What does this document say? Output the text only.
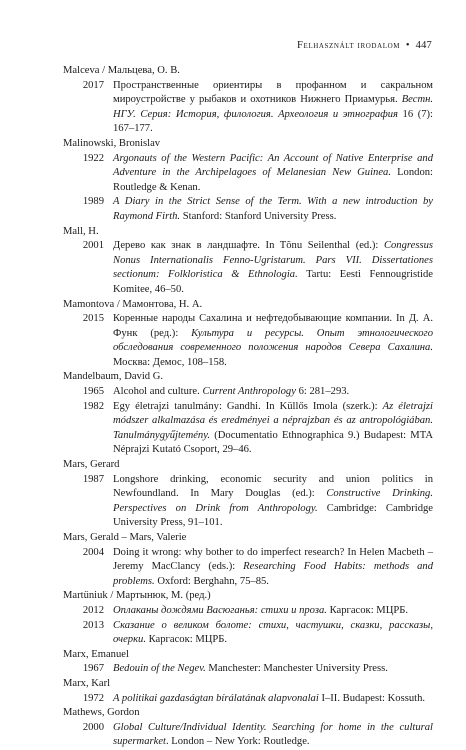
Felhasznált irodalom • 447
Malceva / Мальцева, О. В.
2017 Пространственные ориентиры в профанном и сакральном мироустройстве у рыбаков и охотников Нижнего Приамурья. Вестн. НГУ. Серия: История, филология. Археология и этнография 16 (7): 167–177.
Malinowski, Bronislav
1922 Argonauts of the Western Pacific: An Account of Native Enterprise and Adventure in the Archipelagoes of Melanesian New Guinea. London: Routledge & Kenan.
1989 A Diary in the Strict Sense of the Term. With a new introduction by Raymond Firth. Stanford: Stanford University Press.
Mall, H.
2001 Дерево как знак в ландшафте. In Tõnu Seilenthal (ed.): Congressus Nonus Internationalis Fenno-Ugristarum. Pars VII. Dissertationes sectionum: Folkloristica & Ethnologia. Tartu: Eesti Fennougristide Komitee, 46–50.
Mamontova / Мамонтова, Н. А.
2015 Коренные народы Сахалина и нефтедобывающие компании. In Д. А. Функ (ред.): Культура и ресурсы. Опыт этнологического обследования современного положения народов Севера Сахалина. Москва: Демос, 108–158.
Mandelbaum, David G.
1965 Alcohol and culture. Current Anthropology 6: 281–293.
1982 Egy életrajzi tanulmány: Gandhi. In Küllős Imola (szerk.): Az életrajzi módszer alkalmazása és eredményei a néprajzban és az antropológiában. Tanulmánygyűjtemény. (Documentatio Ethnographica 9.) Budapest: MTA Néprajzi Kutató Csoport, 29–46.
Mars, Gerard
1987 Longshore drinking, economic security and union politics in Newfoundland. In Mary Douglas (ed.): Constructive Drinking. Perspectives on Drink from Anthropology. Cambridge: Cambridge University Press, 91–101.
Mars, Gerald – Mars, Valerie
2004 Doing it wrong: why bother to do imperfect research? In Helen Macbeth – Jeremy MacClancy (eds.): Researching Food Habits: methods and problems. Oxford: Berghahn, 75–85.
Martüniuk / Мартынюк, М. (ред.)
2012 Оплаканы дождями Васюганья: стихи и проза. Каргасок: МЦРБ.
2013 Сказание о великом болоте: стихи, частушки, сказки, рассказы, очерки. Каргасок: МЦРБ.
Marx, Emanuel
1967 Bedouin of the Negev. Manchester: Manchester University Press.
Marx, Karl
1972 A politikai gazdaságtan bírálatának alapvonalai I–II. Budapest: Kossuth.
Mathews, Gordon
2000 Global Culture/Individual Identity. Searching for home in the cultural supermarket. London – New York: Routledge.
